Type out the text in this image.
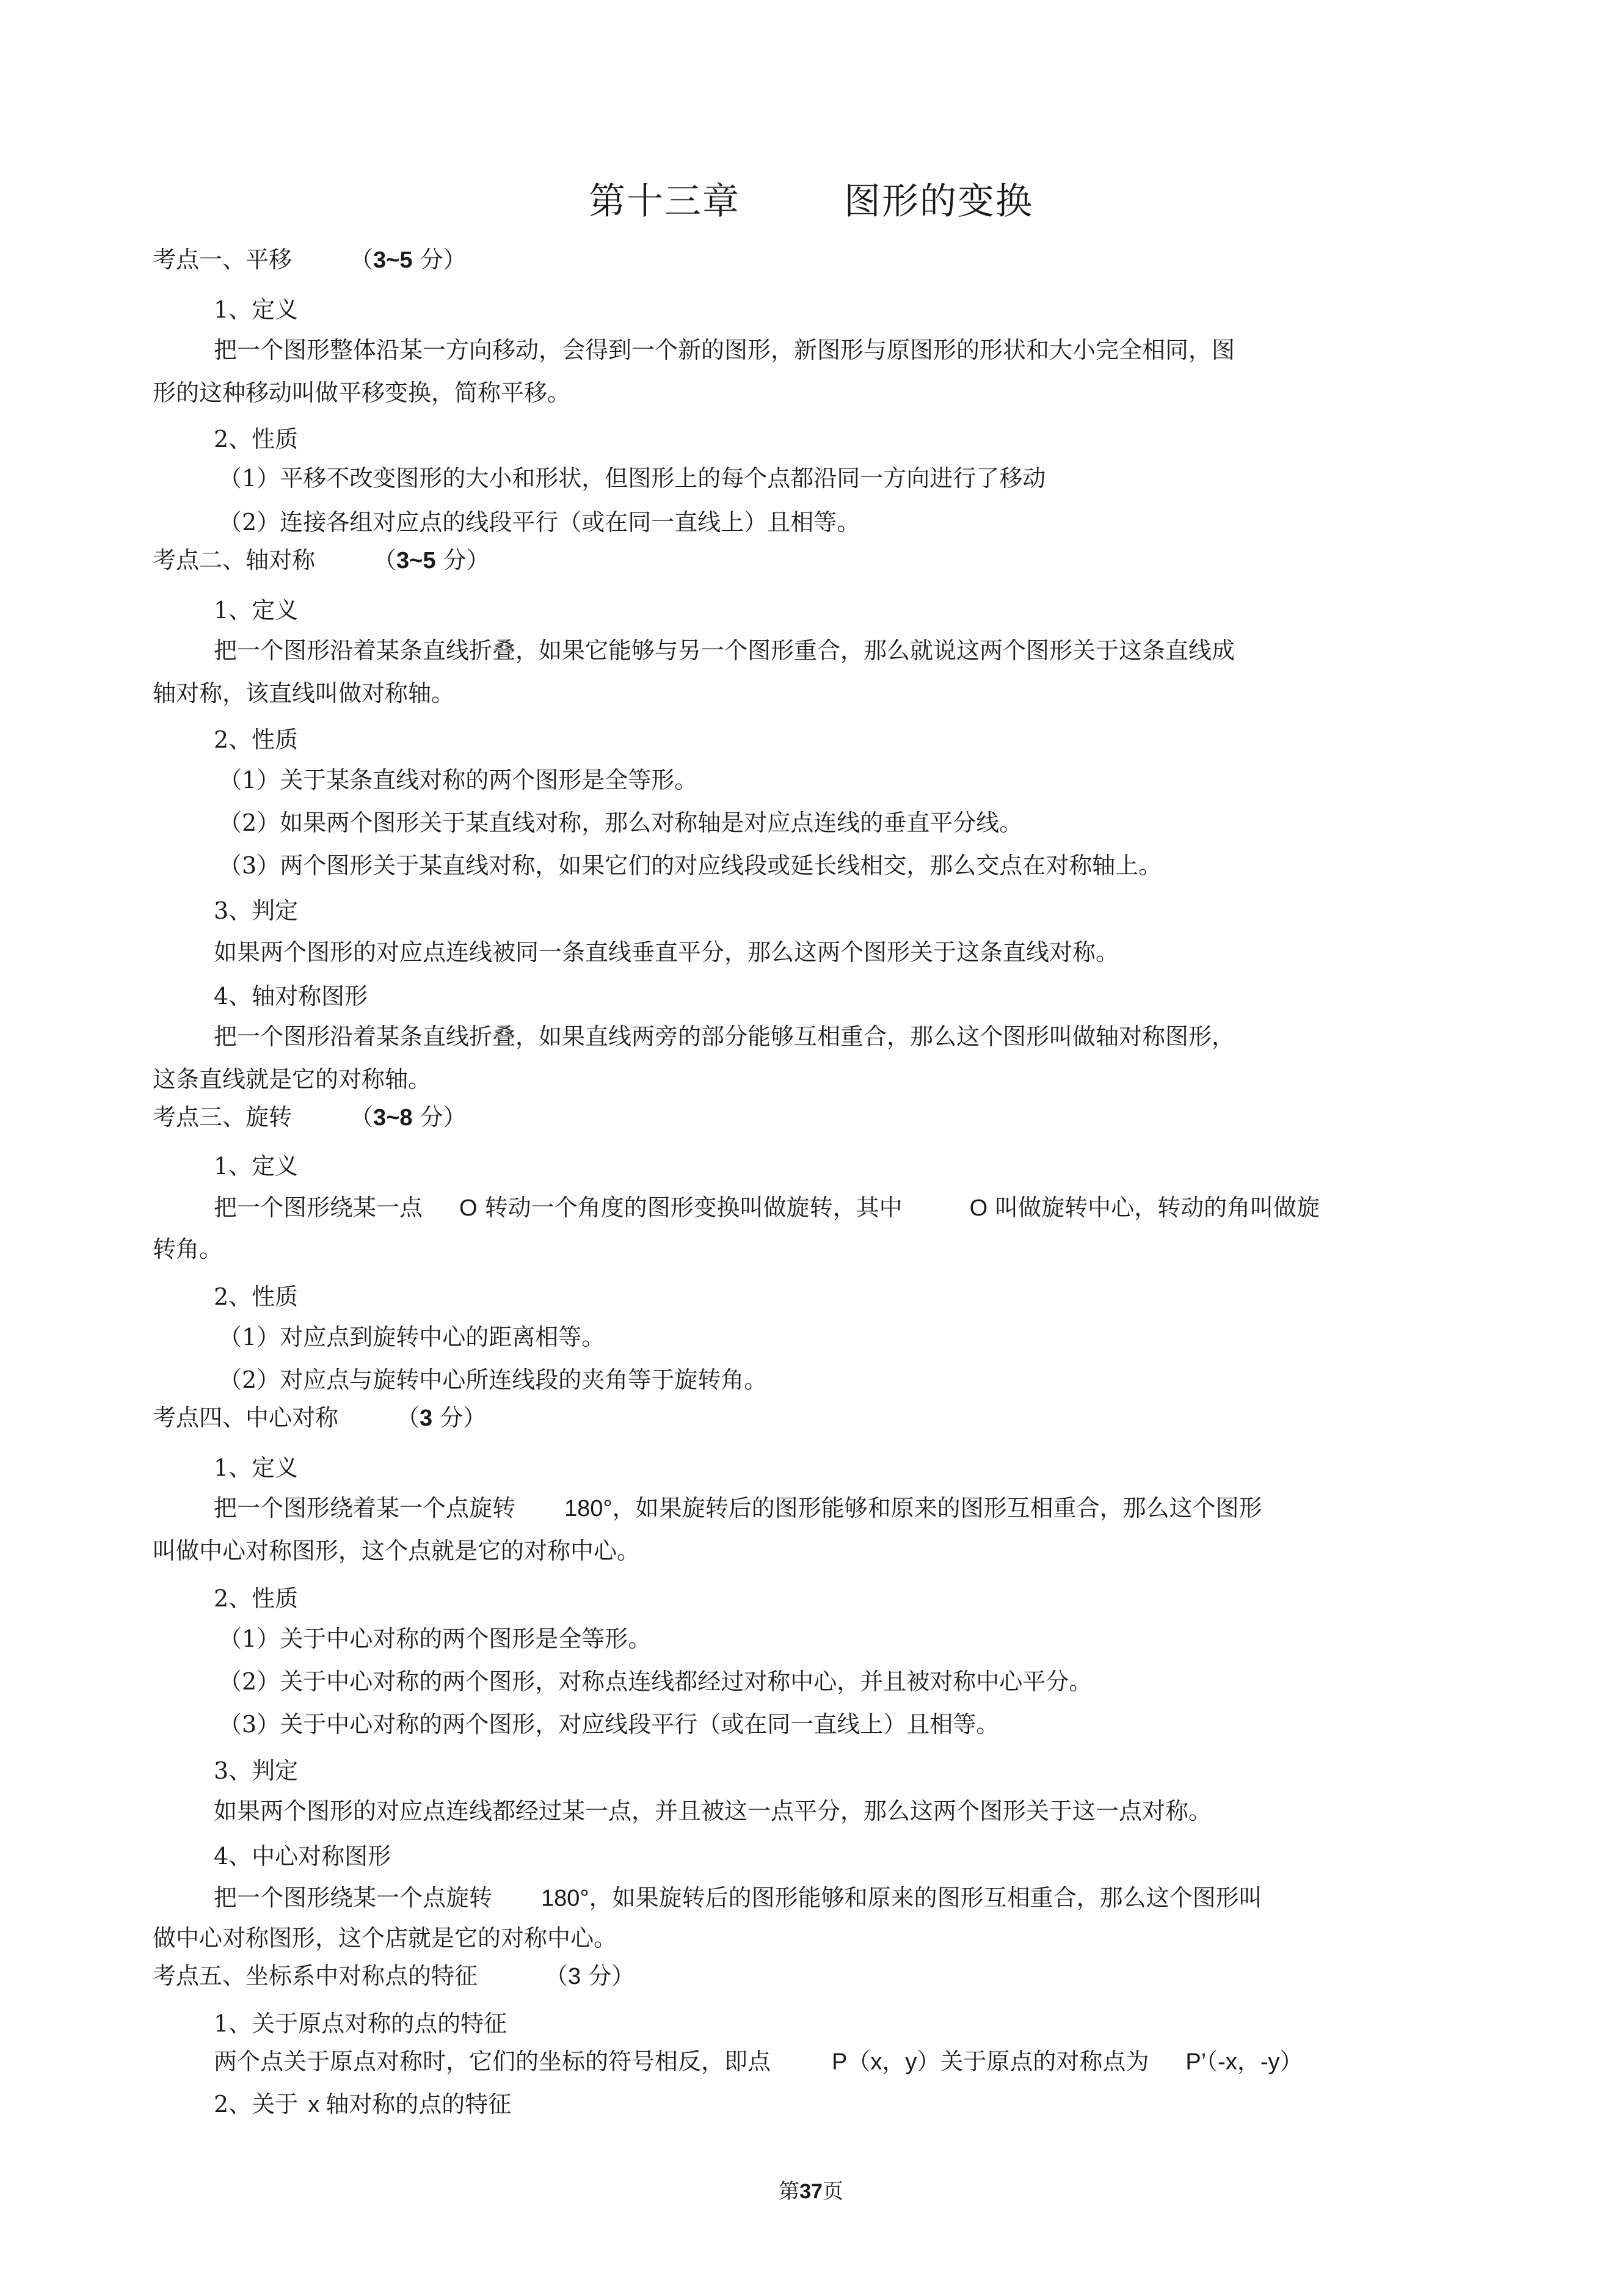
第十三章	图形的变换
考点一、平移	（3~5 分）
1、定义
把一个图形整体沿某一方向移动，会得到一个新的图形，新图形与原图形的形状和大小完全相同，图
形的这种移动叫做平移变换，简称平移。
2、性质
（1）平移不改变图形的大小和形状，但图形上的每个点都沿同一方向进行了移动
（2）连接各组对应点的线段平行（或在同一直线上）且相等。
考点二、轴对称	（3~5 分）
1、定义
把一个图形沿着某条直线折叠，如果它能够与另一个图形重合，那么就说这两个图形关于这条直线成
轴对称，该直线叫做对称轴。
2、性质
（1）关于某条直线对称的两个图形是全等形。
（2）如果两个图形关于某直线对称，那么对称轴是对应点连线的垂直平分线。
（3）两个图形关于某直线对称，如果它们的对应线段或延长线相交，那么交点在对称轴上。
3、判定
如果两个图形的对应点连线被同一条直线垂直平分，那么这两个图形关于这条直线对称。
4、轴对称图形
把一个图形沿着某条直线折叠，如果直线两旁的部分能够互相重合，那么这个图形叫做轴对称图形，
这条直线就是它的对称轴。
考点三、旋转	（3~8 分）
1、定义
把一个图形绕某一点 O 转动一个角度的图形变换叫做旋转，其中	O 叫做旋转中心，转动的角叫做旋
转角。
2、性质
（1）对应点到旋转中心的距离相等。
（2）对应点与旋转中心所连线段的夹角等于旋转角。
考点四、中心对称	（3 分）
1、定义
把一个图形绕着某一个点旋转 180°，如果旋转后的图形能够和原来的图形互相重合，那么这个图形
叫做中心对称图形，这个点就是它的对称中心。
2、性质
（1）关于中心对称的两个图形是全等形。
（2）关于中心对称的两个图形，对称点连线都经过对称中心，并且被对称中心平分。
（3）关于中心对称的两个图形，对应线段平行（或在同一直线上）且相等。
3、判定
如果两个图形的对应点连线都经过某一点，并且被这一点平分，那么这两个图形关于这一点对称。
4、中心对称图形
把一个图形绕某一个点旋转 180°，如果旋转后的图形能够和原来的图形互相重合，那么这个图形叫
做中心对称图形，这个店就是它的对称中心。
考点五、坐标系中对称点的特征	（3 分）
1、关于原点对称的点的特征
两个点关于原点对称时，它们的坐标的符号相反，即点	P（x，y）关于原点的对称点为 P’（-x，-y）
2、关于 x 轴对称的点的特征
第37页
